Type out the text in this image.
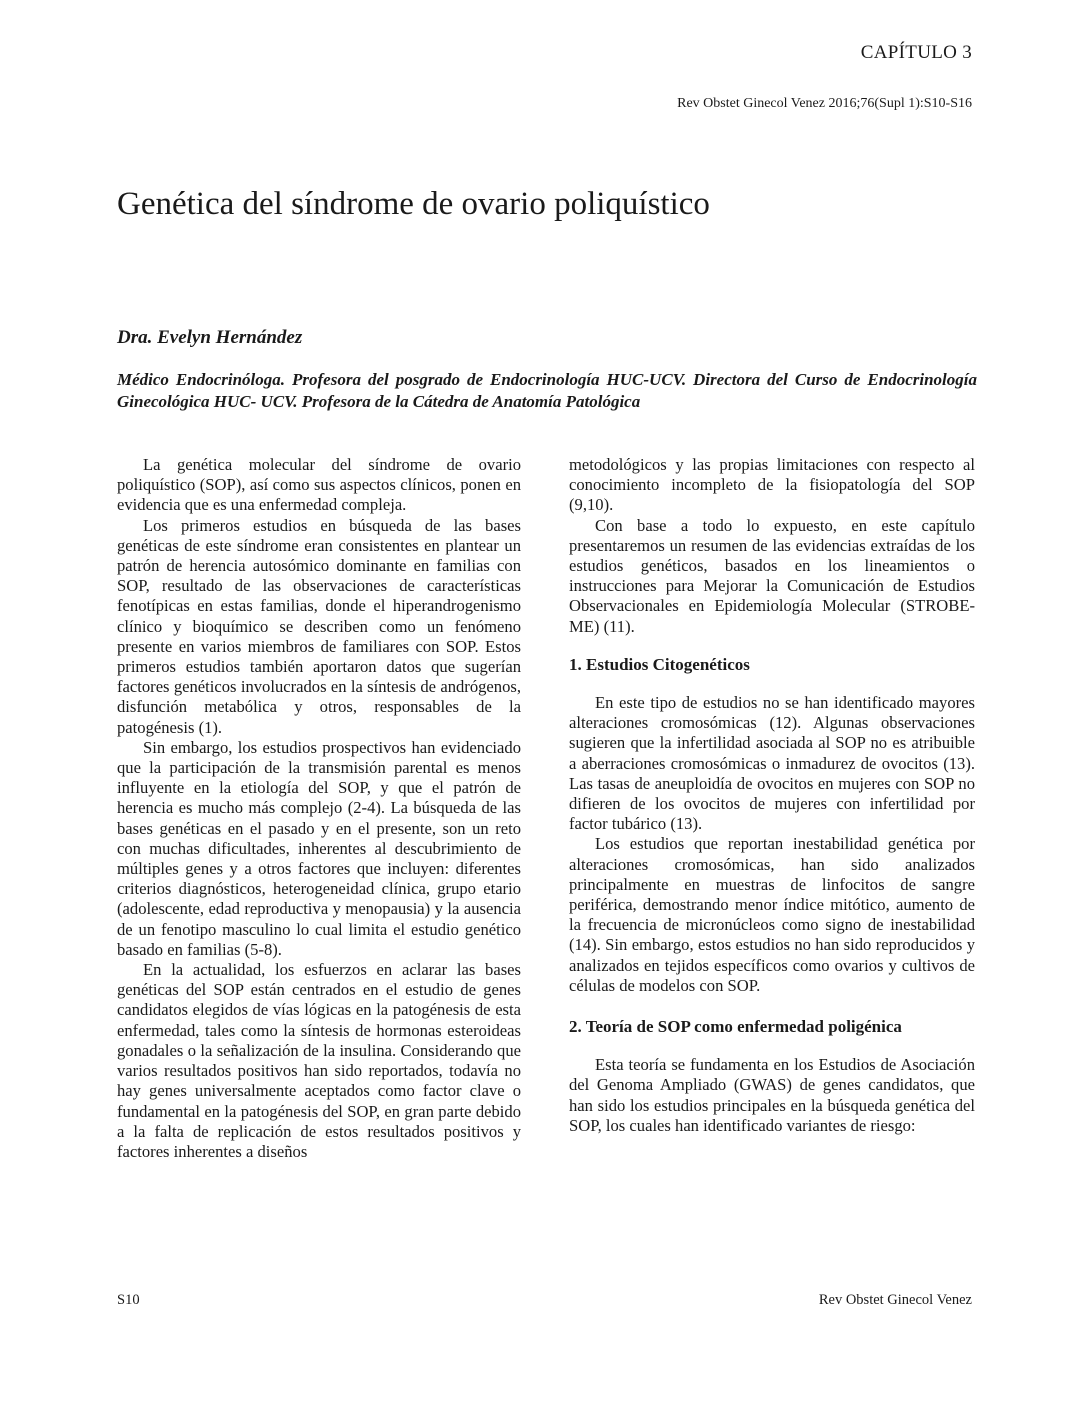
CAPÍTULO 3
Rev Obstet Ginecol Venez 2016;76(Supl 1):S10-S16
Genética del síndrome de ovario poliquístico
Dra. Evelyn Hernández
Médico Endocrinóloga. Profesora del posgrado de Endocrinología HUC-UCV. Directora del Curso de Endocrinología Ginecológica HUC- UCV. Profesora de la Cátedra de Anatomía Patológica

La genética molecular del síndrome de ovario poliquístico (SOP), así como sus aspectos clínicos, ponen en evidencia que es una enfermedad compleja.

Los primeros estudios en búsqueda de las bases genéticas de este síndrome eran consistentes en plantear un patrón de herencia autosómico dominante en familias con SOP, resultado de las observaciones de características fenotípicas en estas familias, donde el hiperandrogenismo clínico y bioquímico se describen como un fenómeno presente en varios miembros de familiares con SOP. Estos primeros estudios también aportaron datos que sugerían factores genéticos involucrados en la síntesis de andrógenos, disfunción metabólica y otros, responsables de la patogénesis (1).

Sin embargo, los estudios prospectivos han evidenciado que la participación de la transmisión parental es menos influyente en la etiología del SOP, y que el patrón de herencia es mucho más complejo (2-4). La búsqueda de las bases genéticas en el pasado y en el presente, son un reto con muchas dificultades, inherentes al descubrimiento de múltiples genes y a otros factores que incluyen: diferentes criterios diagnósticos, heterogeneidad clínica, grupo etario (adolescente, edad reproductiva y menopausia) y la ausencia de un fenotipo masculino lo cual limita el estudio genético basado en familias (5-8).

En la actualidad, los esfuerzos en aclarar las bases genéticas del SOP están centrados en el estudio de genes candidatos elegidos de vías lógicas en la patogénesis de esta enfermedad, tales como la síntesis de hormonas esteroideas gonadales o la señalización de la insulina. Considerando que varios resultados positivos han sido reportados, todavía no hay genes universalmente aceptados como factor clave o fundamental en la patogénesis del SOP, en gran parte debido a la falta de replicación de estos resultados positivos y factores inherentes a diseños

metodológicos y las propias limitaciones con respecto al conocimiento incompleto de la fisiopatología del SOP (9,10).

Con base a todo lo expuesto, en este capítulo presentaremos un resumen de las evidencias extraídas de los estudios genéticos, basados en los lineamientos o instrucciones para Mejorar la Comunicación de Estudios Observacionales en Epidemiología Molecular (STROBE-ME) (11).

1. Estudios Citogenéticos

En este tipo de estudios no se han identificado mayores alteraciones cromosómicas (12). Algunas observaciones sugieren que la infertilidad asociada al SOP no es atribuible a aberraciones cromosómicas o inmadurez de ovocitos (13). Las tasas de aneuploidía de ovocitos en mujeres con SOP no difieren de los ovocitos de mujeres con infertilidad por factor tubárico (13).

Los estudios que reportan inestabilidad genética por alteraciones cromosómicas, han sido analizados principalmente en muestras de linfocitos de sangre periférica, demostrando menor índice mitótico, aumento de la frecuencia de micronúcleos como signo de inestabilidad (14). Sin embargo, estos estudios no han sido reproducidos y analizados en tejidos específicos como ovarios y cultivos de células de modelos con SOP.

2. Teoría de SOP como enfermedad poligénica

Esta teoría se fundamenta en los Estudios de Asociación del Genoma Ampliado (GWAS) de genes candidatos, que han sido los estudios principales en la búsqueda genética del SOP, los cuales han identificado variantes de riesgo:

S10	Rev Obstet Ginecol Venez
